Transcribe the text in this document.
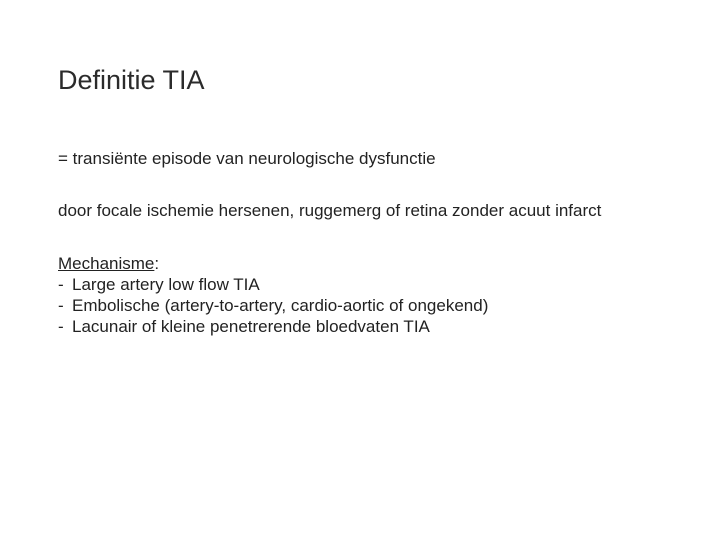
Definitie TIA

= transiënte episode van neurologische dysfunctie

door focale ischemie hersenen, ruggemerg of retina zonder acuut infarct

Mechanisme:

- Large artery low flow TIA
- Embolische (artery-to-artery, cardio-aortic of ongekend)
- Lacunair of kleine penetrerende bloedvaten TIA
